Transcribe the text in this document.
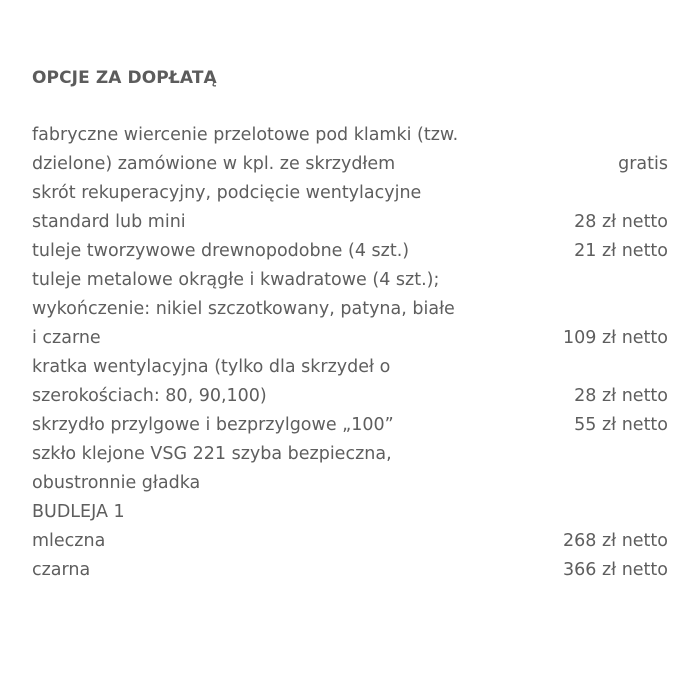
OPCJE ZA DOPŁATĄ
fabryczne wiercenie przelotowe pod klamki (tzw.
dzielone) zamówione w kpl. ze skrzydłem	gratis
skrót rekuperacyjny, podcięcie wentylacyjne
standard lub mini	28 zł netto
tuleje tworzywowe drewnopodobne (4 szt.)	21 zł netto
tuleje metalowe okrągłe i kwadratowe (4 szt.);
wykończenie: nikiel szczotkowany, patyna, białe
i czarne	109 zł netto
kratka wentylacyjna (tylko dla skrzydeł o
szerokościach: 80, 90,100)	28 zł netto
skrzydło przylgowe i bezprzylgowe „100”	55 zł netto
szkło klejone VSG 221 szyba bezpieczna,
obustronnie gładka
BUDLEJA 1
mleczna	268 zł netto
czarna	366 zł netto
